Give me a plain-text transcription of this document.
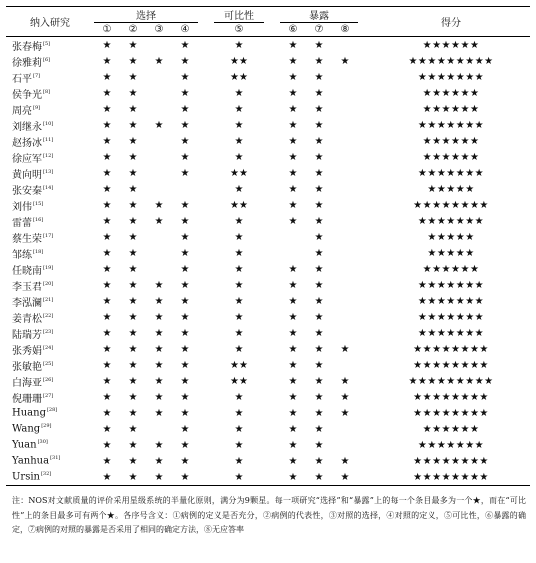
纳入研究	选择					可比性		暴露				得分
	①	②	③	④		⑤		⑥	⑦	⑧		
张春梅[5]	★	★		★		★		★	★			★★★★★★
徐雅莉[6]	★	★	★	★		★★		★	★	★		★★★★★★★★★
石平[7]	★	★		★		★★		★	★			★★★★★★★
侯争光[8]	★	★		★		★		★	★			★★★★★★
周亮[9]	★	★		★		★		★	★			★★★★★★
刘继永[10]	★	★	★	★		★		★	★			★★★★★★★
赵扬冰[11]	★	★		★		★		★	★			★★★★★★
徐应军[12]	★	★		★		★		★	★			★★★★★★
黄向明[13]	★	★		★		★★		★	★			★★★★★★★
张安秦[14]	★	★				★		★	★			★★★★★
刘伟[15]	★	★	★	★		★★		★	★			★★★★★★★★
雷蕾[16]	★	★	★	★		★		★	★			★★★★★★★
蔡生荣[17]	★	★		★		★			★			★★★★★
邹练[18]	★	★		★		★			★			★★★★★
任晓南[19]	★	★		★		★		★	★			★★★★★★
李玉君[20]	★	★	★	★		★		★	★			★★★★★★★
李泓澜[21]	★	★	★	★		★		★	★			★★★★★★★
姜青松[22]	★	★	★	★		★		★	★			★★★★★★★
陆瑞芳[23]	★	★	★	★		★		★	★			★★★★★★★
张秀娟[24]	★	★	★	★		★		★	★	★		★★★★★★★★
张敏艳[25]	★	★	★	★		★★		★	★			★★★★★★★★
白海亚[26]	★	★	★	★		★★		★	★	★		★★★★★★★★★
倪珊珊[27]	★	★	★	★		★		★	★	★		★★★★★★★★
Huang[28]	★	★	★	★		★		★	★	★		★★★★★★★★
Wang[29]	★	★		★		★		★	★			★★★★★★
Yuan[30]	★	★	★	★		★		★	★			★★★★★★★
Yanhua[31]	★	★	★	★		★		★	★	★		★★★★★★★★
Ursin[32]	★	★	★	★		★		★	★	★		★★★★★★★★
注：NOS对文献质量的评价采用星级系统的半量化原则，满分为9颗星。每一项研究“选择”和“暴露”上的每一个条目最多为一个★，而在“可比性”上的条目最多可有两个★。各序号含义：①病例的定义是否充分，②病例的代表性，③对照的选择，④对照的定义，⑤可比性，⑥暴露的确定，⑦病例的对照的暴露是否采用了相同的确定方法，⑧无应答率
